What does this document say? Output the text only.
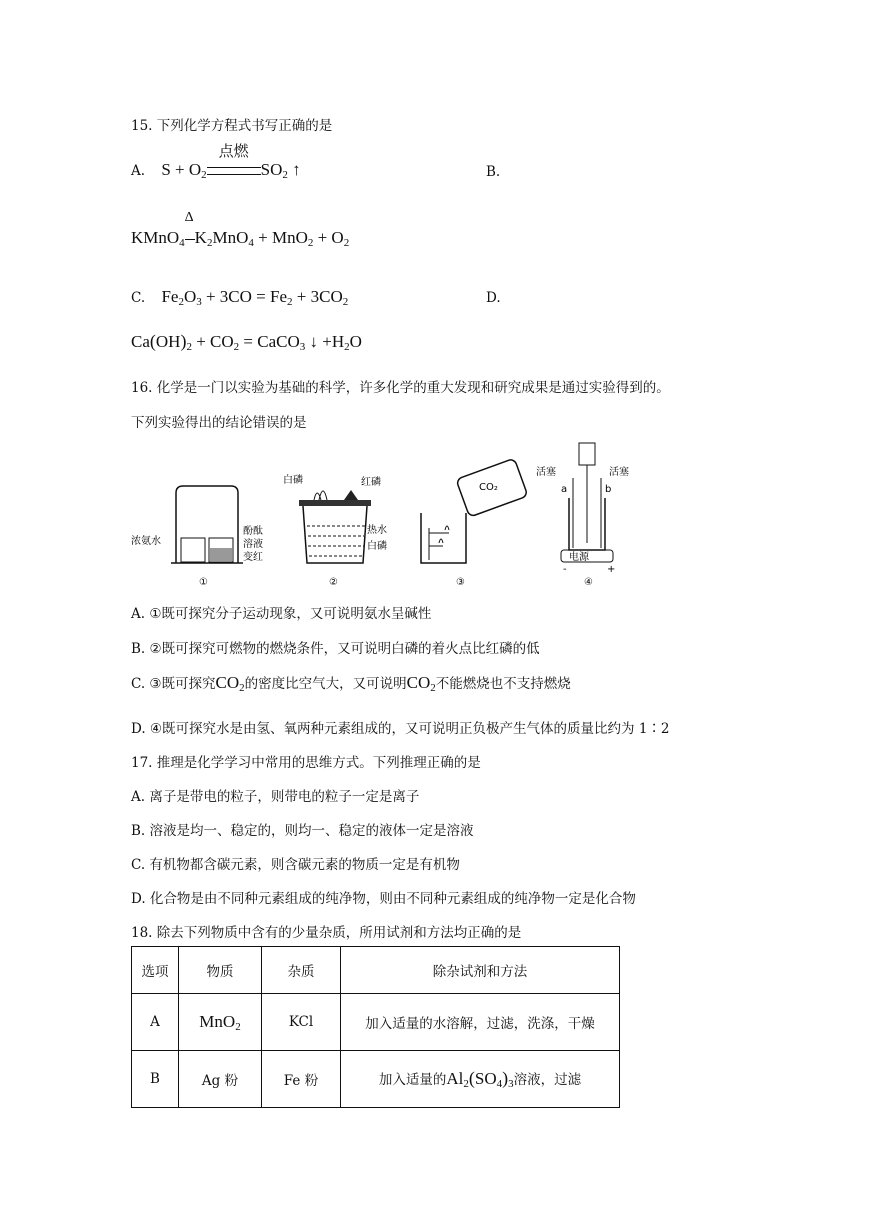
15. 下列化学方程式书写正确的是
A. $S + O_2$
点燃
$SO_2$ ↑	B.
KMnO$_4$
Δ
$K_2MnO_4 + MnO_2 + O_2$
C. $Fe_2O_3 + 3CO = Fe_2 + 3CO_2$	D.
$Ca(OH)_2 + CO_2$ = CaCO$_3$ ↓ $+H_2O$
16. 化学是一门以实验为基础的科学，许多化学的重大发现和研究成果是通过实验得到的。
下列实验得出的结论错误的是
浓氨水
酚酞
溶液
变红
①
白磷	红磷
热水
白磷
②
CO₂
③
电源
活塞	活塞
a	b
-	+
④
A. ①既可探究分子运动现象，又可说明氨水呈碱性
B. ②既可探究可燃物的燃烧条件，又可说明白磷的着火点比红磷的低
C. ③既可探究$CO_2$的密度比空气大，又可说明$CO_2$不能燃烧也不支持燃烧
D. ④既可探究水是由氢、氧两种元素组成的，又可说明正负极产生气体的质量比约为 1∶2
17. 推理是化学学习中常用的思维方式。下列推理正确的是
A. 离子是带电的粒子，则带电的粒子一定是离子
B. 溶液是均一、稳定的，则均一、稳定的液体一定是溶液
C. 有机物都含碳元素，则含碳元素的物质一定是有机物
D. 化合物是由不同种元素组成的纯净物，则由不同种元素组成的纯净物一定是化合物
18. 除去下列物质中含有的少量杂质，所用试剂和方法均正确的是
选项	物质	杂质	除杂试剂和方法
A	MnO$_2$	KCl	加入适量的水溶解，过滤，洗涤，干燥
B	Ag 粉	Fe 粉	加入适量的$Al_2(SO_4)_3$溶液，过滤
